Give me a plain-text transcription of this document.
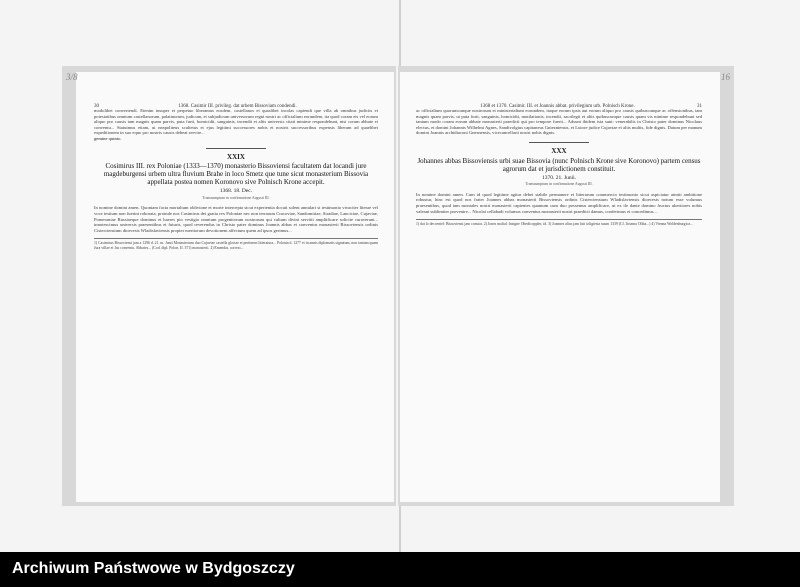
30	1368. Casimir III. privileg. dat urbem Bissoviam condendi.
modolibet convertendi. Etenim insuper et perpetuo liberamus eosdem, castellanos et quaslibet incolas capiendi que villa ab omnibus judiciis et potestatibus omnium castellanorum, palatinorum, judicum, et subjudicum universorum regni nostri ac officialium eorundem, ita quod coram eis vel eorum aliquo pro causis tam magnis quam parvis, puta furti, homicidii, sanguinis, incendii et aliis universis citati minime respondebunt, nisi coram abbate et conventu... Statuimus etiam, ut neapoliteus scultetus et ejus legitimi successores nobis et nostris successoribus expensis liberam ad quaelibet expeditionem in suo equo pro nostris causis debeat servire...
gemine quinto.
XXIX
Cosimirus III. rex Poloniae (1333—1370) monasterio Bissoviensi facultatem dat locandi jure magdeburgensi urbem ultra fluvium Brahe in loco Smetz que tune sicut monasterium Bissovia appellata postea nomen Koronovo sive Polnisch Krone accepit.
1368. 18. Dec.
Transsumptum in confirmatione Augusti III.
In nomine domini amen. Quoniam facta mortalium oblivione et morte intercepta sicut experientia docuit solent annulari si testimonio vivaciter literae vel voce testium non fuerint roborata, proinde nos Casimirus dei gratia rex Poloniae nec non terrarum Cracoviae, Sandomiriae, Siradiae, Lanciciae, Cujaviae, Pomeraniae Russiaeque dominus et haeres pio vestigio omnium progenitorum nostrorum qui cultum divini servitii ampliificare solicite curaverunt... innotescimus universis praesentibus et futuris, quod reverendus in Christo pater dominus Joannis abbas et conventus monasterii Bissoviensis ordinis Cisterciensium dioecesis Wladislaviensis propter meritorum devotionem affectum quem ad ipsos gerimus...
1) Casimirus Bissoviensi jam a 1296 d. 21. m. Junii Monasterium duo Cujaviae castella gloriae et pertinens litteratura... Polonia d. 1277 et in annis diplomatis signatum, non tantum quam Jura villae et Jus conventu. Abbates... (Cod. dipl. Polon. II. 371) monasterii. 2) Emendat, correxi...
3/8
1368 et 1370. Casimir. III. et Joannis abbat. privilegium urb. Polnisch Krone.	31
ac officialium quorumcunque nostrorum et ministerialium eorundem, itaque eorum ipsis aut eorum aliquo pro causis quibuscunque ac offensionibus, tam magnis quam parvis, ut puta furti, sanguinis, homicidii, mutilationis, incendii, sacrilegii et aliis quibuscunque causis quam vis minime respondebunt sed tantum modo coram eorum abbate monasterii praedicti qui pro tempore fuerit... Adsunt ibidem ista sunt: venerabilis in Christo pater dominus Nicolaus electus, et domini Johannis Wilhelmi Agnes, Sandivolgius capitaneus Gniezniensis, et Lutore judice Cujaviae et aliis multis, fide dignis. Datum per manum domini Joannis archidiaconi Gnesnensis, vicecancellarii nostri nobis dignis.
XXX
Johannes abbas Bissoviensis urbi suae Bissovia (nunc Polnisch Krone sive Koronovo) partem census agrorum dat et jurisdictionem constituit.
1370. 21. Junii.
Transsumptum in confirmatione Augusti III.
In nomine domini amen. Cum id quod legitime agitur debet stabile permanere et litterarum commercio testimonio sicut aspiciatur aimiti ambitione robustur, hinc est quod nos frater Joannes abbas monasterii Bissoviensis ordinis Cisterciensium Wladislaviensis dioecesis notum esse volumus praesentibus, quod tam moniales nostri monasterii capientes quantum cum duo possemus amplificare, ut ex ile dante domino fructus ubertiores nobis valeant sublimiter provenire... Nicolai cellabadi volumus conventus monasterii nostri praedicti damus, conferimus et concedimus...
1) dat lo deccentel: Bissoviensi jam constat. 2) Jones maltal: Insigne Obedicoppler, id. 3) Joannes alius jam fuit toligtesta suum 1339 (Cf. Jirtama Oliba...) 4) Vienna Woldenburgica...
16
Archiwum Państwowe w Bydgoszczy
